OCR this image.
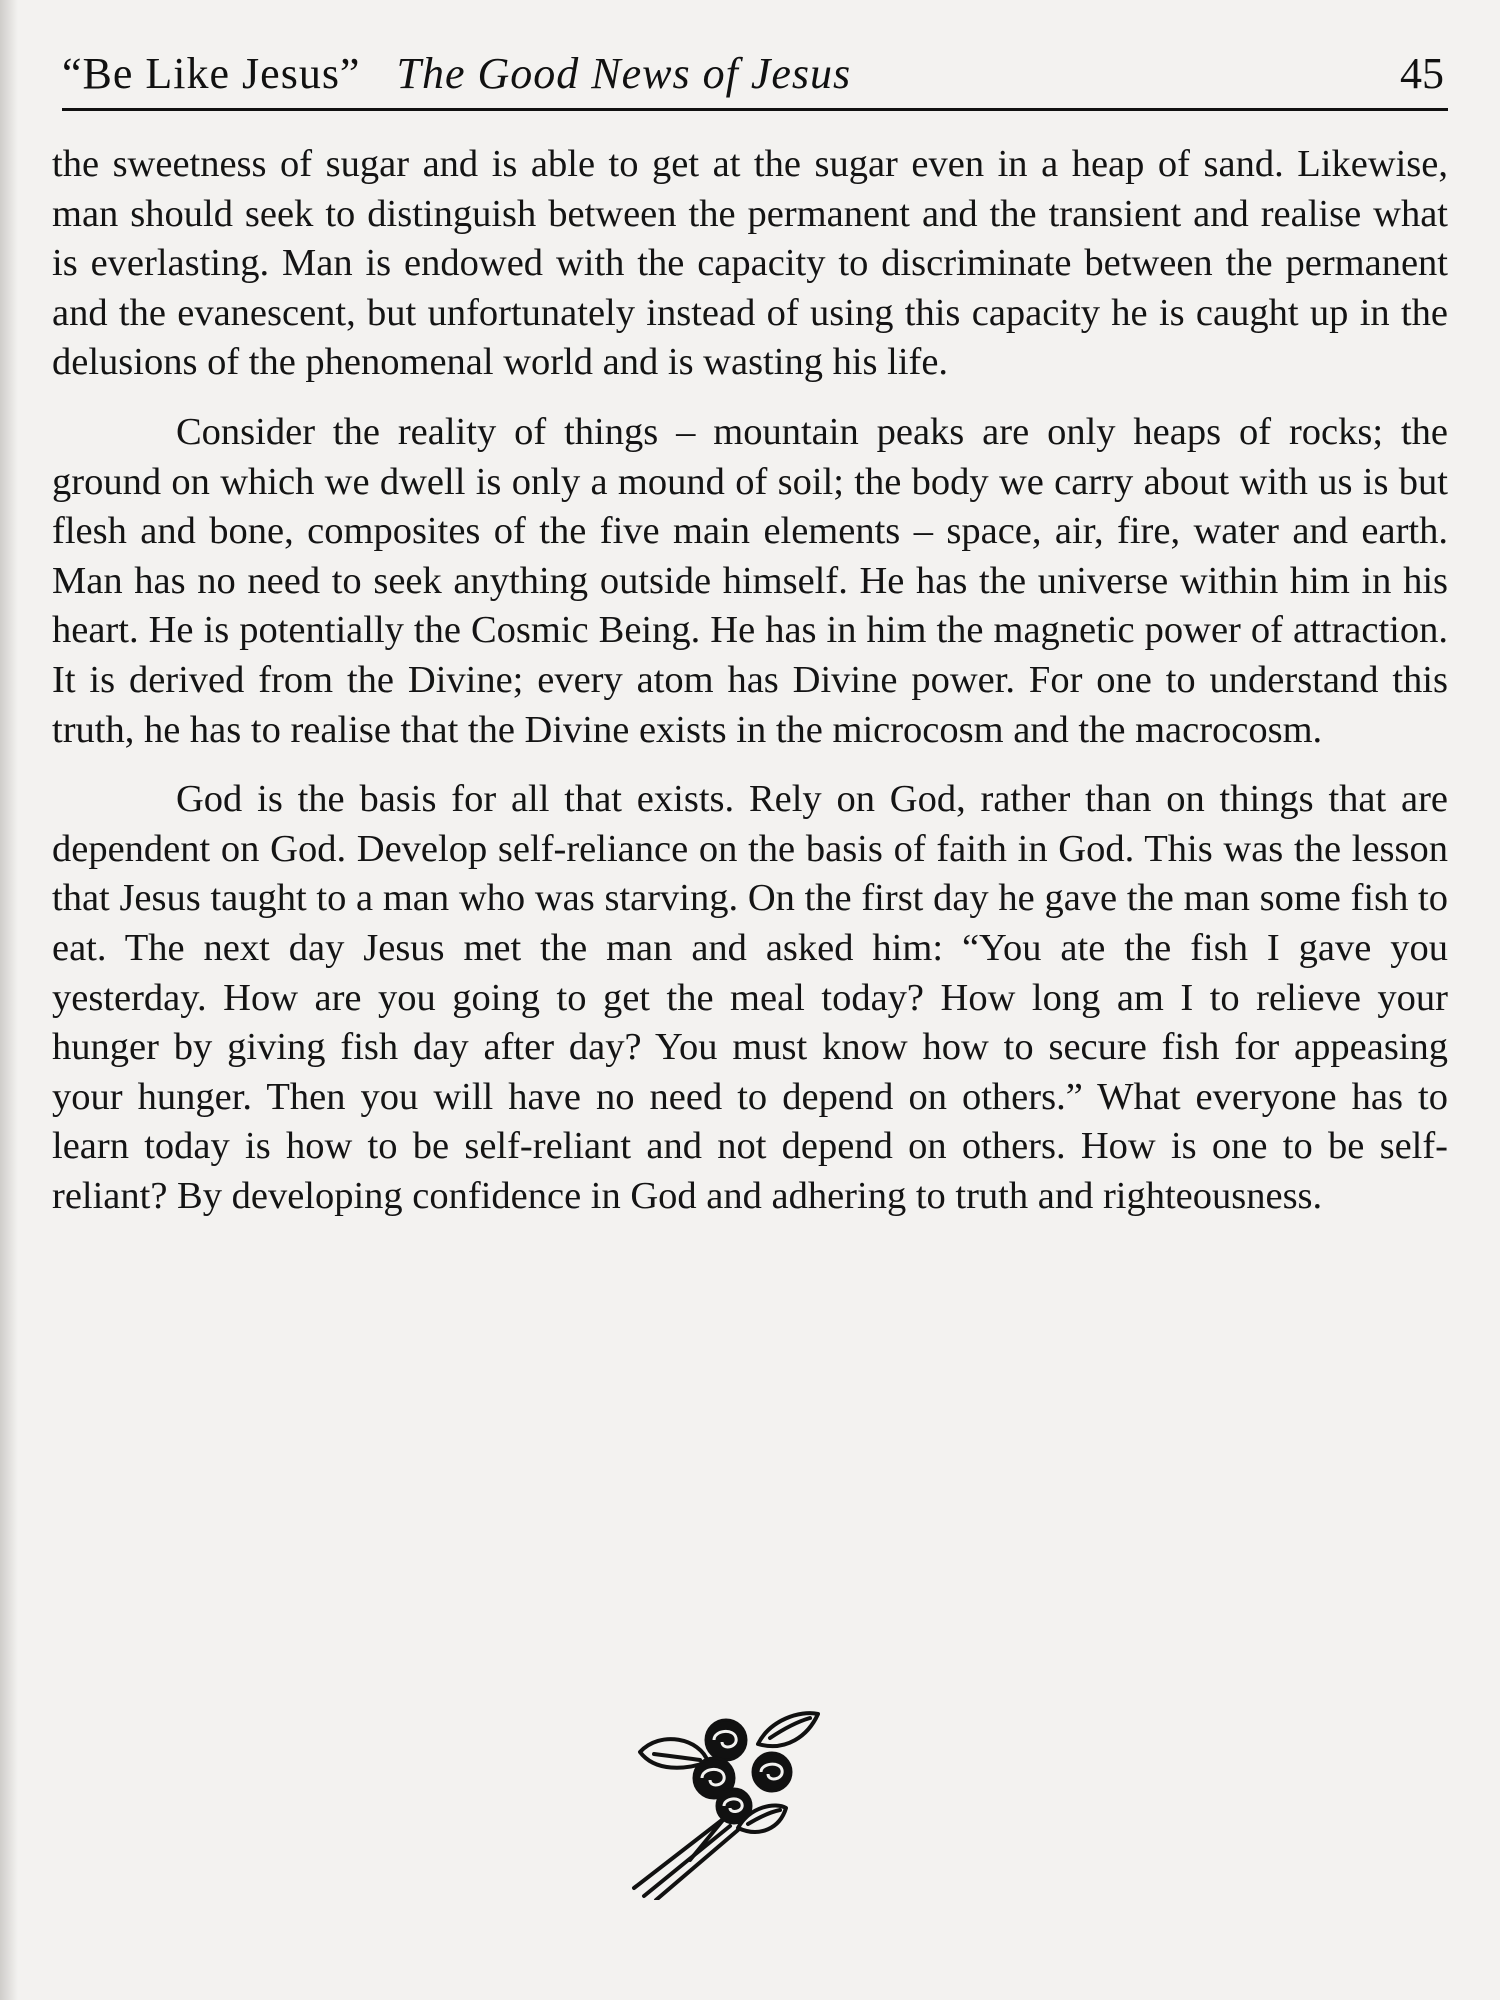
“Be Like Jesus” The Good News of Jesus	45

the sweetness of sugar and is able to get at the sugar even in a heap of sand. Likewise, man should seek to distinguish between the permanent and the transient and realise what is everlasting. Man is endowed with the capacity to discriminate between the permanent and the evanescent, but unfortunately instead of using this capacity he is caught up in the delusions of the phenomenal world and is wasting his life.

Consider the reality of things – mountain peaks are only heaps of rocks; the ground on which we dwell is only a mound of soil; the body we carry about with us is but flesh and bone, composites of the five main elements – space, air, fire, water and earth. Man has no need to seek anything outside himself. He has the universe within him in his heart. He is potentially the Cosmic Being. He has in him the magnetic power of attraction. It is derived from the Divine; every atom has Divine power. For one to understand this truth, he has to realise that the Divine exists in the microcosm and the macrocosm.

God is the basis for all that exists. Rely on God, rather than on things that are dependent on God. Develop self-reliance on the basis of faith in God. This was the lesson that Jesus taught to a man who was starving. On the first day he gave the man some fish to eat. The next day Jesus met the man and asked him: “You ate the fish I gave you yesterday. How are you going to get the meal today? How long am I to relieve your hunger by giving fish day after day? You must know how to secure fish for appeasing your hunger. Then you will have no need to depend on others.” What everyone has to learn today is how to be self-reliant and not depend on others. How is one to be self-reliant? By developing confidence in God and adhering to truth and righteousness.
